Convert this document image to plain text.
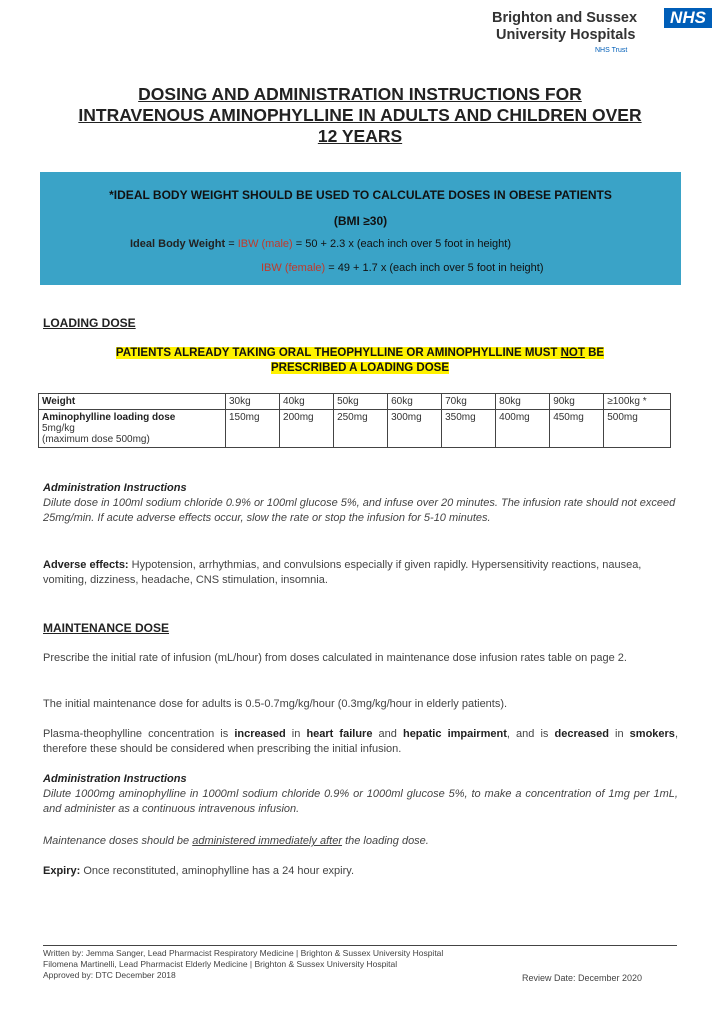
Brighton and Sussex
University Hospitals
NHS
NHS Trust
DOSING AND ADMINISTRATION INSTRUCTIONS FOR
INTRAVENOUS AMINOPHYLLINE IN ADULTS AND CHILDREN OVER
12 YEARS
*IDEAL BODY WEIGHT SHOULD BE USED TO CALCULATE DOSES IN OBESE PATIENTS
(BMI ≥30)
Ideal Body Weight = IBW (male) = 50 + 2.3 x (each inch over 5 foot in height)
IBW (female) = 49 + 1.7 x (each inch over 5 foot in height)
LOADING DOSE
PATIENTS ALREADY TAKING ORAL THEOPHYLLINE OR AMINOPHYLLINE MUST NOT BE
PRESCRIBED A LOADING DOSE
Weight	30kg	40kg	50kg	60kg	70kg	80kg	90kg	≥100kg *
Aminophylline loading dose
5mg/kg
(maximum dose 500mg)	150mg	200mg	250mg	300mg	350mg	400mg	450mg	500mg
Administration Instructions
Dilute dose in 100ml sodium chloride 0.9% or 100ml glucose 5%, and infuse over 20 minutes. The infusion rate should not exceed 25mg/min. If acute adverse effects occur, slow the rate or stop the infusion for 5-10 minutes.
Adverse effects: Hypotension, arrhythmias, and convulsions especially if given rapidly. Hypersensitivity reactions, nausea, vomiting, dizziness, headache, CNS stimulation, insomnia.
MAINTENANCE DOSE
Prescribe the initial rate of infusion (mL/hour) from doses calculated in maintenance dose infusion rates table on page 2.
The initial maintenance dose for adults is 0.5-0.7mg/kg/hour (0.3mg/kg/hour in elderly patients).
Plasma-theophylline concentration is increased in heart failure and hepatic impairment, and is decreased in smokers, therefore these should be considered when prescribing the initial infusion.
Administration Instructions
Dilute 1000mg aminophylline in 1000ml sodium chloride 0.9% or 1000ml glucose 5%, to make a concentration of 1mg per 1mL, and administer as a continuous intravenous infusion.
Maintenance doses should be administered immediately after the loading dose.
Expiry: Once reconstituted, aminophylline has a 24 hour expiry.
Written by: Jemma Sanger, Lead Pharmacist Respiratory Medicine | Brighton & Sussex University Hospital
Filomena Martinelli, Lead Pharmacist Elderly Medicine | Brighton & Sussex University Hospital
Approved by: DTC December 2018	Review Date: December 2020
